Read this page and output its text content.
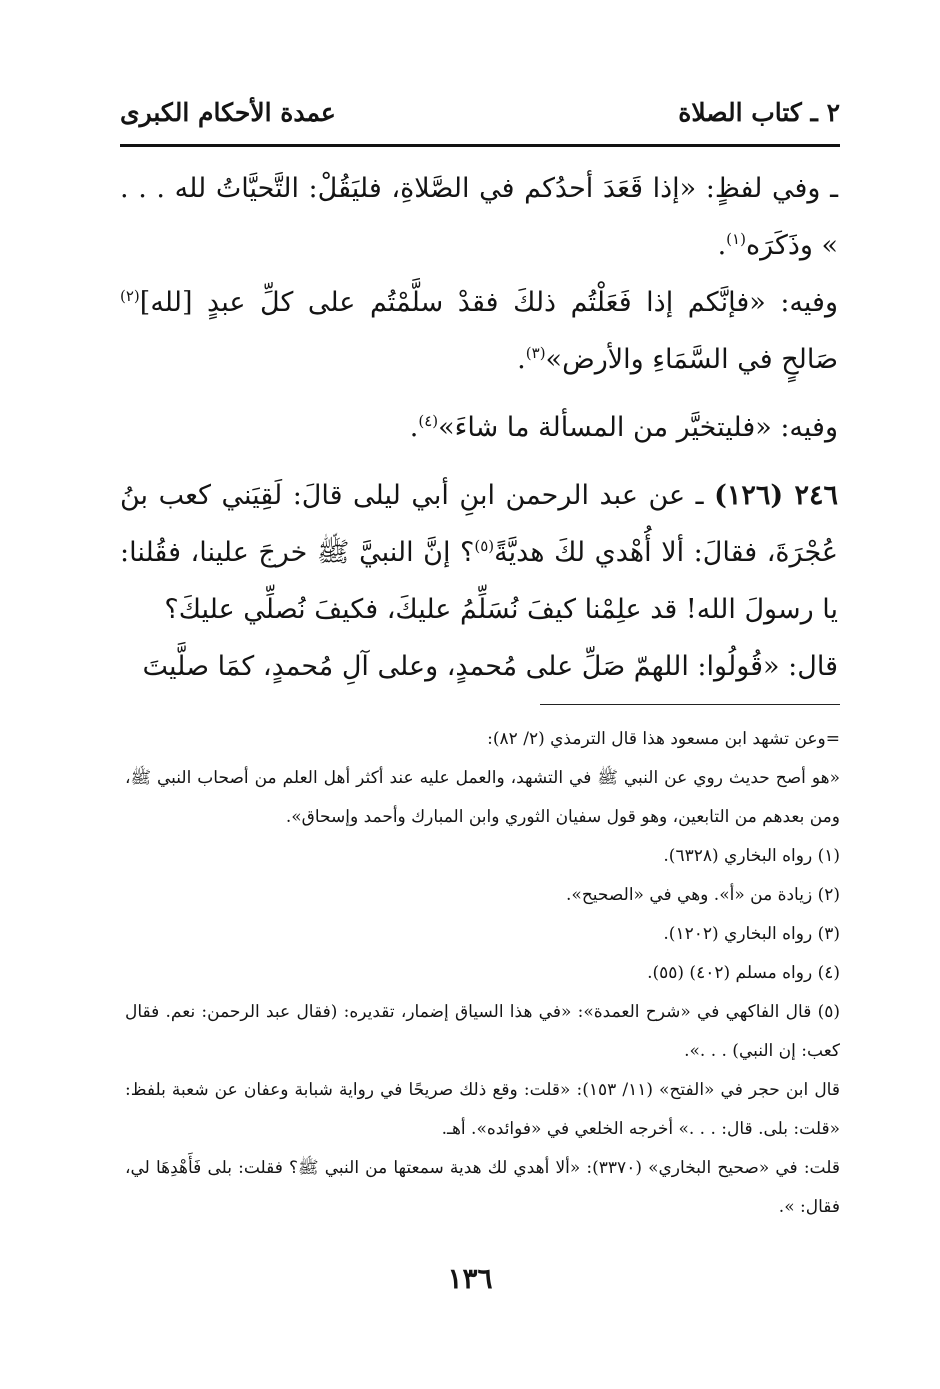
٢ ـ كتاب الصلاة
عمدة الأحكام الكبرى

ـ وفي لفظٍ: «إذا قَعَدَ أحدُكم في الصَّلاةِ، فليَقُلْ: التَّحيَّاتُ لله . . . » وذَكَرَه$^{(١)}$.

وفيه: «فإنَّكم إذا فَعَلْتُم ذلكَ فقدْ سلَّمْتُم على كلِّ عبدٍ [لله]$^{(٢)}$ صَالحٍ في السَّمَاءِ والأرض»$^{(٣)}$.

وفيه: «فليتخيَّر من المسألة ما شاءَ»$^{(٤)}$.

٢٤٦ (١٢٦) ـ عن عبد الرحمن ابنِ أبي ليلى قالَ: لَقِيَني كعب بنُ عُجْرَةَ، فقالَ: ألا أُهْدي لكَ هديَّةً$^{(٥)}$؟ إنَّ النبيَّ ﷺ خرجَ علينا، فقُلنا: يا رسولَ الله! قد علِمْنا كيفَ نُسَلِّمُ عليكَ، فكيفَ نُصلِّي عليكَ؟

قال: «قُولُوا: اللهمّ صَلِّ على مُحمدٍ، وعلى آلِ مُحمدٍ، كمَا صلَّيتَ

=وعن تشهد ابن مسعود هذا قال الترمذي (٢/ ٨٢):

«هو أصح حديث روي عن النبي ﷺ في التشهد، والعمل عليه عند أكثر أهل العلم من أصحاب النبي ﷺ، ومن بعدهم من التابعين، وهو قول سفيان الثوري وابن المبارك وأحمد وإسحاق».

(١) رواه البخاري (٦٣٢٨).

(٢) زيادة من «أ». وهي في «الصحيح».

(٣) رواه البخاري (١٢٠٢).

(٤) رواه مسلم (٤٠٢) (٥٥).

(٥) قال الفاكهي في «شرح العمدة»: «في هذا السياق إضمار، تقديره: (فقال عبد الرحمن: نعم. فقال كعب: إن النبي) . . .».

قال ابن حجر في «الفتح» (١١/ ١٥٣): «قلت: وقع ذلك صريحًا في رواية شبابة وعفان عن شعبة بلفظ: «قلت: بلى. قال: . . .» أخرجه الخلعي في «فوائده». أهـ.

قلت: في «صحيح البخاري» (٣٣٧٠): «ألا أهدي لك هدية سمعتها من النبي ﷺ؟ فقلت: بلى فَأَهْدِهَا لي، فقال: ».

١٣٦
